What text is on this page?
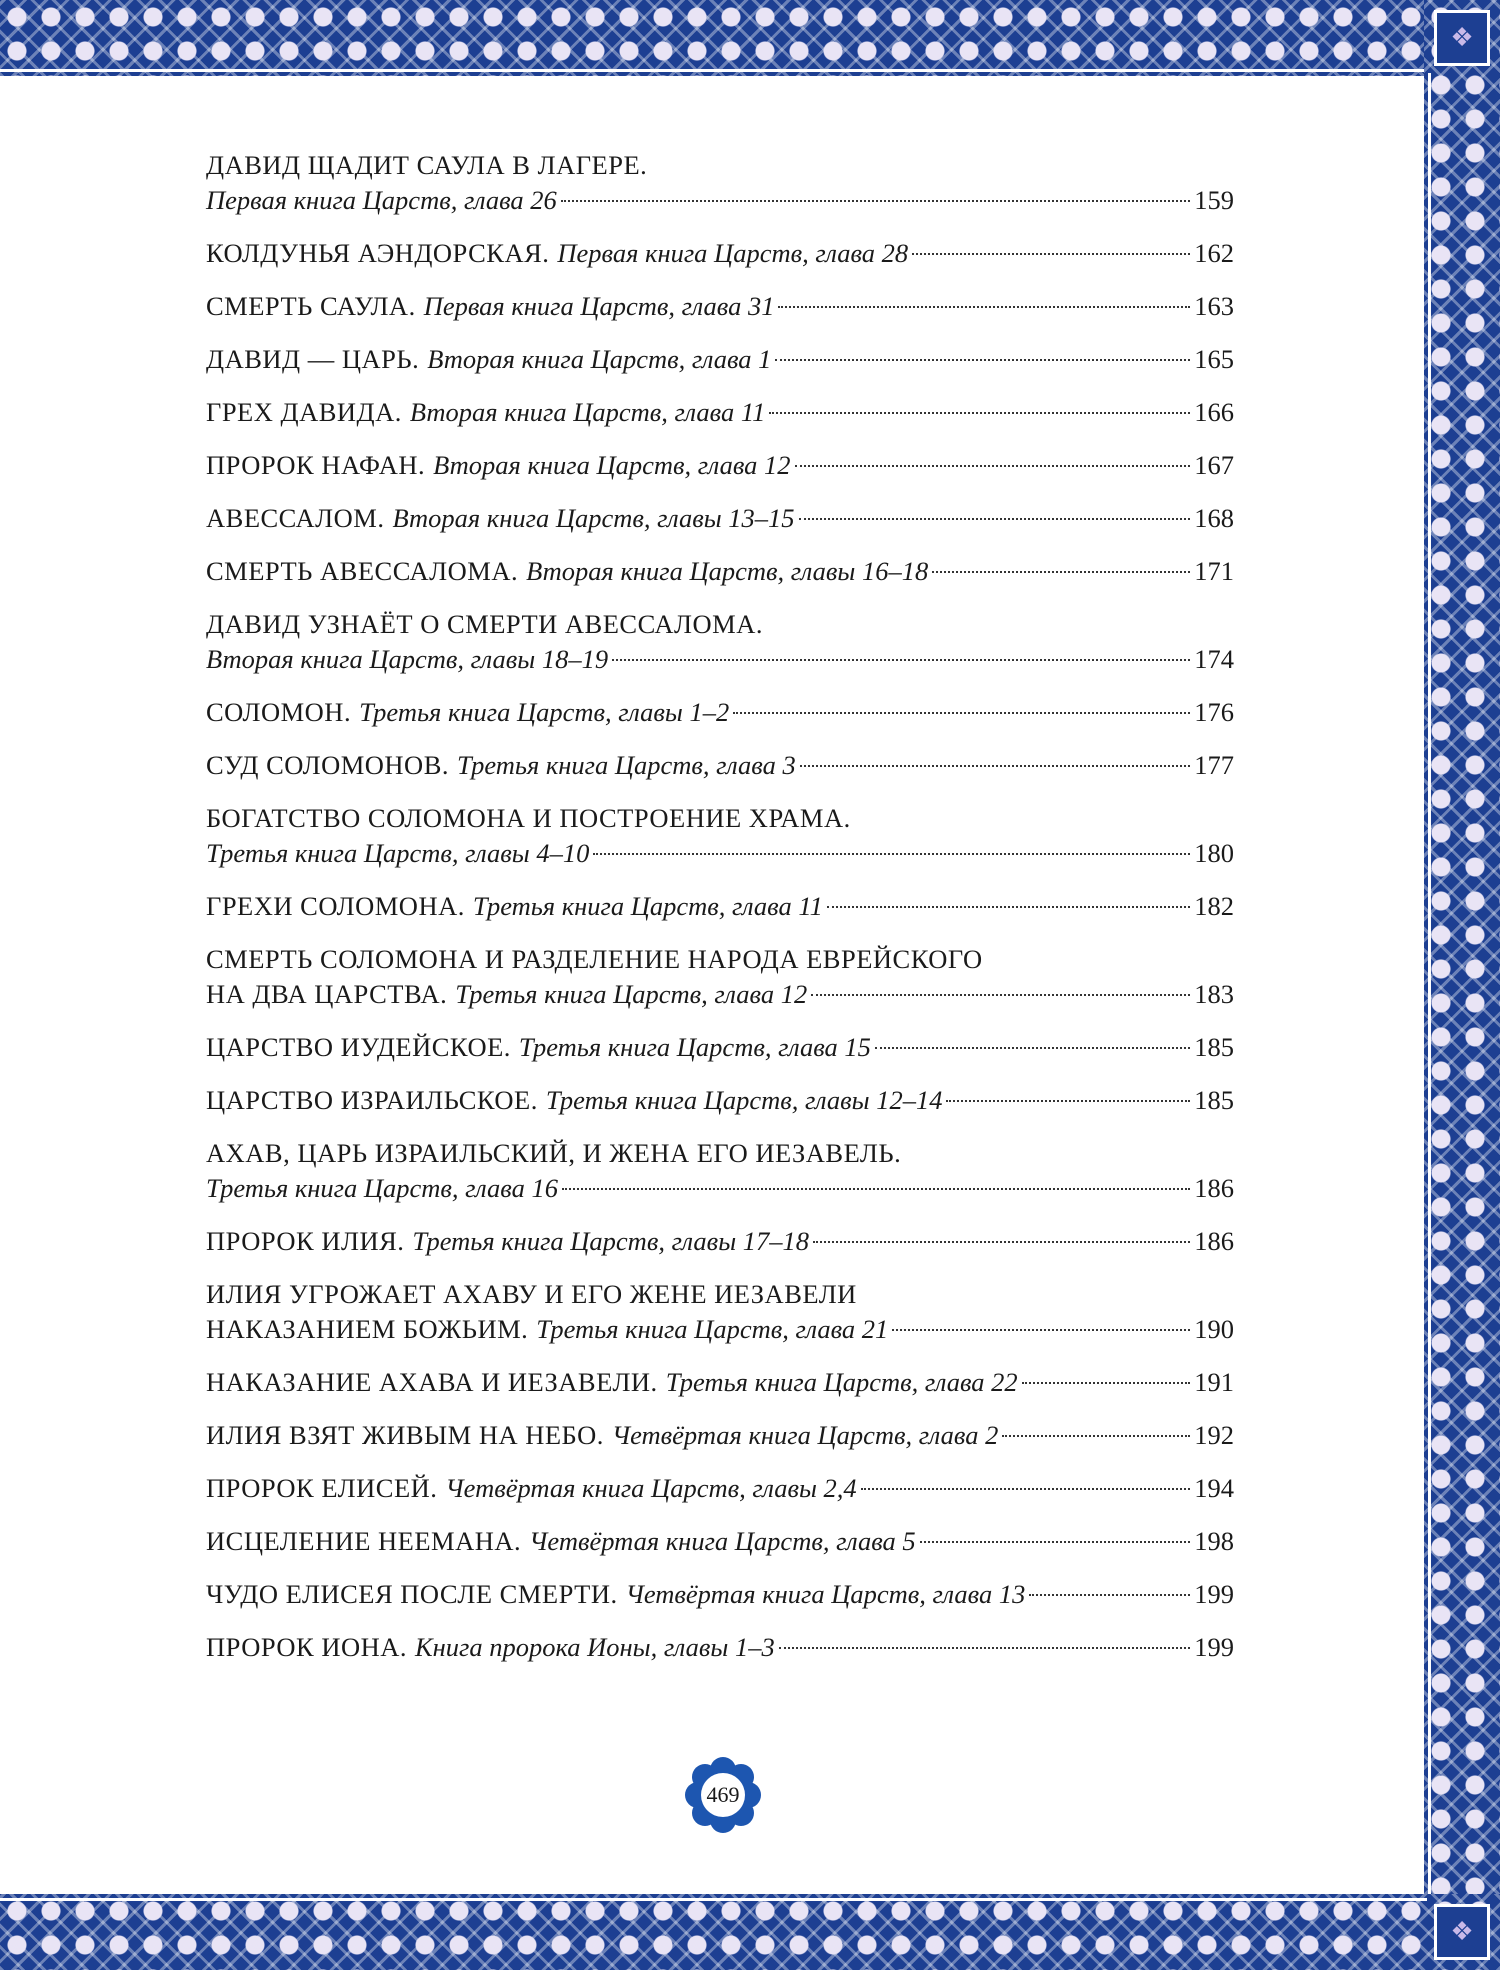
❖
❖
ДАВИД ЩАДИТ САУЛА В ЛАГЕРЕ.
Первая книга Царств, глава 26	159
КОЛДУНЬЯ АЭНДОРСКАЯ. Первая книга Царств, глава 28	162
СМЕРТЬ САУЛА. Первая книга Царств, глава 31	163
ДАВИД — ЦАРЬ. Вторая книга Царств, глава 1	165
ГРЕХ ДАВИДА. Вторая книга Царств, глава 11	166
ПРОРОК НАФАН. Вторая книга Царств, глава 12	167
АВЕССАЛОМ. Вторая книга Царств, главы 13–15	168
СМЕРТЬ АВЕССАЛОМА. Вторая книга Царств, главы 16–18	171
ДАВИД УЗНАЁТ О СМЕРТИ АВЕССАЛОМА.
Вторая книга Царств, главы 18–19	174
СОЛОМОН. Третья книга Царств, главы 1–2	176
СУД СОЛОМОНОВ. Третья книга Царств, глава 3	177
БОГАТСТВО СОЛОМОНА И ПОСТРОЕНИЕ ХРАМА.
Третья книга Царств, главы 4–10	180
ГРЕХИ СОЛОМОНА. Третья книга Царств, глава 11	182
СМЕРТЬ СОЛОМОНА И РАЗДЕЛЕНИЕ НАРОДА ЕВРЕЙСКОГО
НА ДВА ЦАРСТВА. Третья книга Царств, глава 12	183
ЦАРСТВО ИУДЕЙСКОЕ. Третья книга Царств, глава 15	185
ЦАРСТВО ИЗРАИЛЬСКОЕ. Третья книга Царств, главы 12–14	185
АХАВ, ЦАРЬ ИЗРАИЛЬСКИЙ, И ЖЕНА ЕГО ИЕЗАВЕЛЬ.
Третья книга Царств, глава 16	186
ПРОРОК ИЛИЯ. Третья книга Царств, главы 17–18	186
ИЛИЯ УГРОЖАЕТ АХАВУ И ЕГО ЖЕНЕ ИЕЗАВЕЛИ
НАКАЗАНИЕМ БОЖЬИМ. Третья книга Царств, глава 21	190
НАКАЗАНИЕ АХАВА И ИЕЗАВЕЛИ. Третья книга Царств, глава 22	191
ИЛИЯ ВЗЯТ ЖИВЫМ НА НЕБО. Четвёртая книга Царств, глава 2	192
ПРОРОК ЕЛИСЕЙ. Четвёртая книга Царств, главы 2,4	194
ИСЦЕЛЕНИЕ НЕЕМАНА. Четвёртая книга Царств, глава 5	198
ЧУДО ЕЛИСЕЯ ПОСЛЕ СМЕРТИ. Четвёртая книга Царств, глава 13	199
ПРОРОК ИОНА. Книга пророка Ионы, главы 1–3	199
469
